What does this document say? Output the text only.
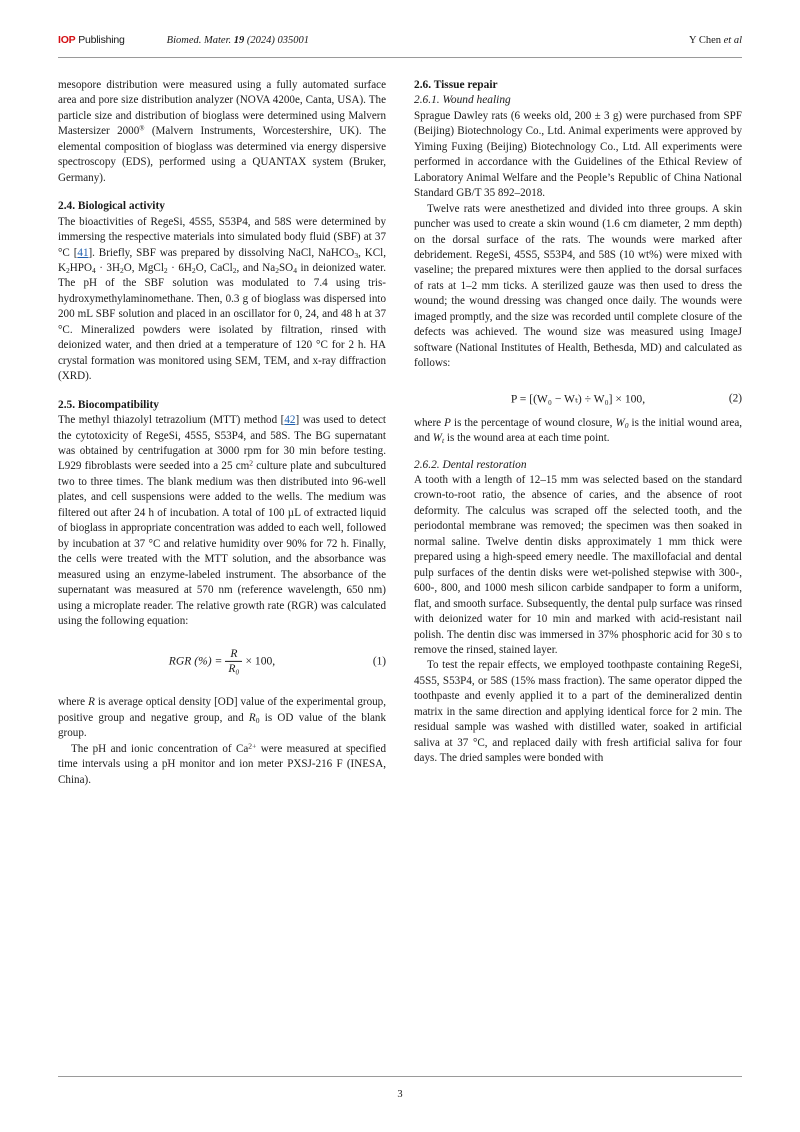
IOP Publishing	Biomed. Mater. 19 (2024) 035001	Y Chen et al

mesopore distribution were measured using a fully automated surface area and pore size distribution analyzer (NOVA 4200e, Canta, USA). The particle size and distribution of bioglass were determined using Malvern Mastersizer 2000® (Malvern Instruments, Worcestershire, UK). The elemental composition of bioglass was determined via energy dispersive spectroscopy (EDS), performed using a QUANTAX system (Bruker, Germany).

2.4. Biological activity

The bioactivities of RegeSi, 45S5, S53P4, and 58S were determined by immersing the respective materials into simulated body fluid (SBF) at 37 °C [41]. Briefly, SBF was prepared by dissolving NaCl, NaHCO$_3$, KCl, $K_2HPO_4 \cdot 3H_2O$, MgCl$_2$ · $6H_2O$, CaCl$_2$, and $Na_2SO_4$ in deionized water. The pH of the SBF solution was modulated to 7.4 using tris-hydroxymethylaminomethane. Then, 0.3 g of bioglass was dispersed into 200 mL SBF solution and placed in an oscillator for 0, 24, and 48 h at 37 °C. Mineralized powders were isolated by filtration, rinsed with deionized water, and then dried at a temperature of 120 °C for 2 h. HA crystal formation was monitored using SEM, TEM, and x-ray diffraction (XRD).

2.5. Biocompatibility

The methyl thiazolyl tetrazolium (MTT) method [42] was used to detect the cytotoxicity of RegeSi, 45S5, S53P4, and 58S. The BG supernatant was obtained by centrifugation at 3000 rpm for 30 min before testing. L929 fibroblasts were seeded into a 25 $cm^2$ culture plate and subcultured two to three times. The blank medium was then distributed into 96-well plates, and cell suspensions were added to the wells. The medium was filtered out after 24 h of incubation. A total of 100 µL of extracted liquid of bioglass in appropriate concentration was added to each well, followed by incubation at 37 °C and relative humidity over 90% for 72 h. Finally, the cells were treated with the MTT solution, and the absorbance was measured using an enzyme-labeled instrument. The absorbance of the supernatant was measured at 570 nm (reference wavelength, 650 nm) using a microplate reader. The relative growth rate (RGR) was calculated using the following equation:

RGR (%) = $\frac{R}{\text{R₀}} \times 100$,	(1)

where R is average optical density [OD] value of the experimental group, positive group and negative group, and $R_0$ is OD value of the blank group.

The pH and ionic concentration of $Ca^{2+}$ were measured at specified time intervals using a pH monitor and ion meter PXSJ-216 F (INESA, China).

2.6. Tissue repair
2.6.1. Wound healing

Sprague Dawley rats (6 weeks old, 200 ± 3 g) were purchased from SPF (Beijing) Biotechnology Co., Ltd. Animal experiments were approved by Yiming Fuxing (Beijing) Biotechnology Co., Ltd. All experiments were performed in accordance with the Guidelines of the Ethical Review of Laboratory Animal Welfare and the People’s Republic of China National Standard GB/T 35 892–2018.

Twelve rats were anesthetized and divided into three groups. A skin puncher was used to create a skin wound (1.6 cm diameter, 2 mm depth) on the dorsal surface of the rats. The wounds were marked after debridement. RegeSi, 45S5, S53P4, and 58S (10 wt%) were mixed with vaseline; the prepared mixtures were then applied to the dorsal surfaces of rats at 1–2 mm ticks. A sterilized gauze was then used to dress the wound; the wound dressing was changed once daily. The wounds were imaged promptly, and the size was recorded until complete closure of the defects was achieved. The wound size was measured using ImageJ software (National Institutes of Health, Bethesda, MD) and calculated as follows:

P = [(W₀ − Wₜ) ÷ W₀] × 100,	(2)

where P is the percentage of wound closure, $W_0$ is the initial wound area, and $W_t$ is the wound area at each time point.

2.6.2. Dental restoration

A tooth with a length of 12–15 mm was selected based on the standard crown-to-root ratio, the absence of caries, and the absence of root deformity. The calculus was scraped off the selected tooth, and the periodontal membrane was removed; the specimen was then soaked in normal saline. Twelve dentin disks approximately 1 mm thick were prepared using a high-speed emery needle. The maxillofacial and dental pulp surfaces of the dentin disks were wet-polished stepwise with 300-, 600-, 800, and 1000 mesh silicon carbide sandpaper to form a uniform, flat, and smooth surface. Subsequently, the dental pulp surface was rinsed with deionized water for 10 min and marked with acid-resistant nail polish. The dentin disc was immersed in 37% phosphoric acid for 30 s to remove the rinsed, stained layer.

To test the repair effects, we employed toothpaste containing RegeSi, 45S5, S53P4, or 58S (15% mass fraction). The same operator dipped the toothpaste and evenly applied it to a part of the demineralized dentin matrix in the same direction and applying identical force for 2 min. The residual sample was washed with distilled water, soaked in artificial saliva at 37 °C, and replaced daily with fresh artificial saliva for four days. The dried samples were bonded with

3
